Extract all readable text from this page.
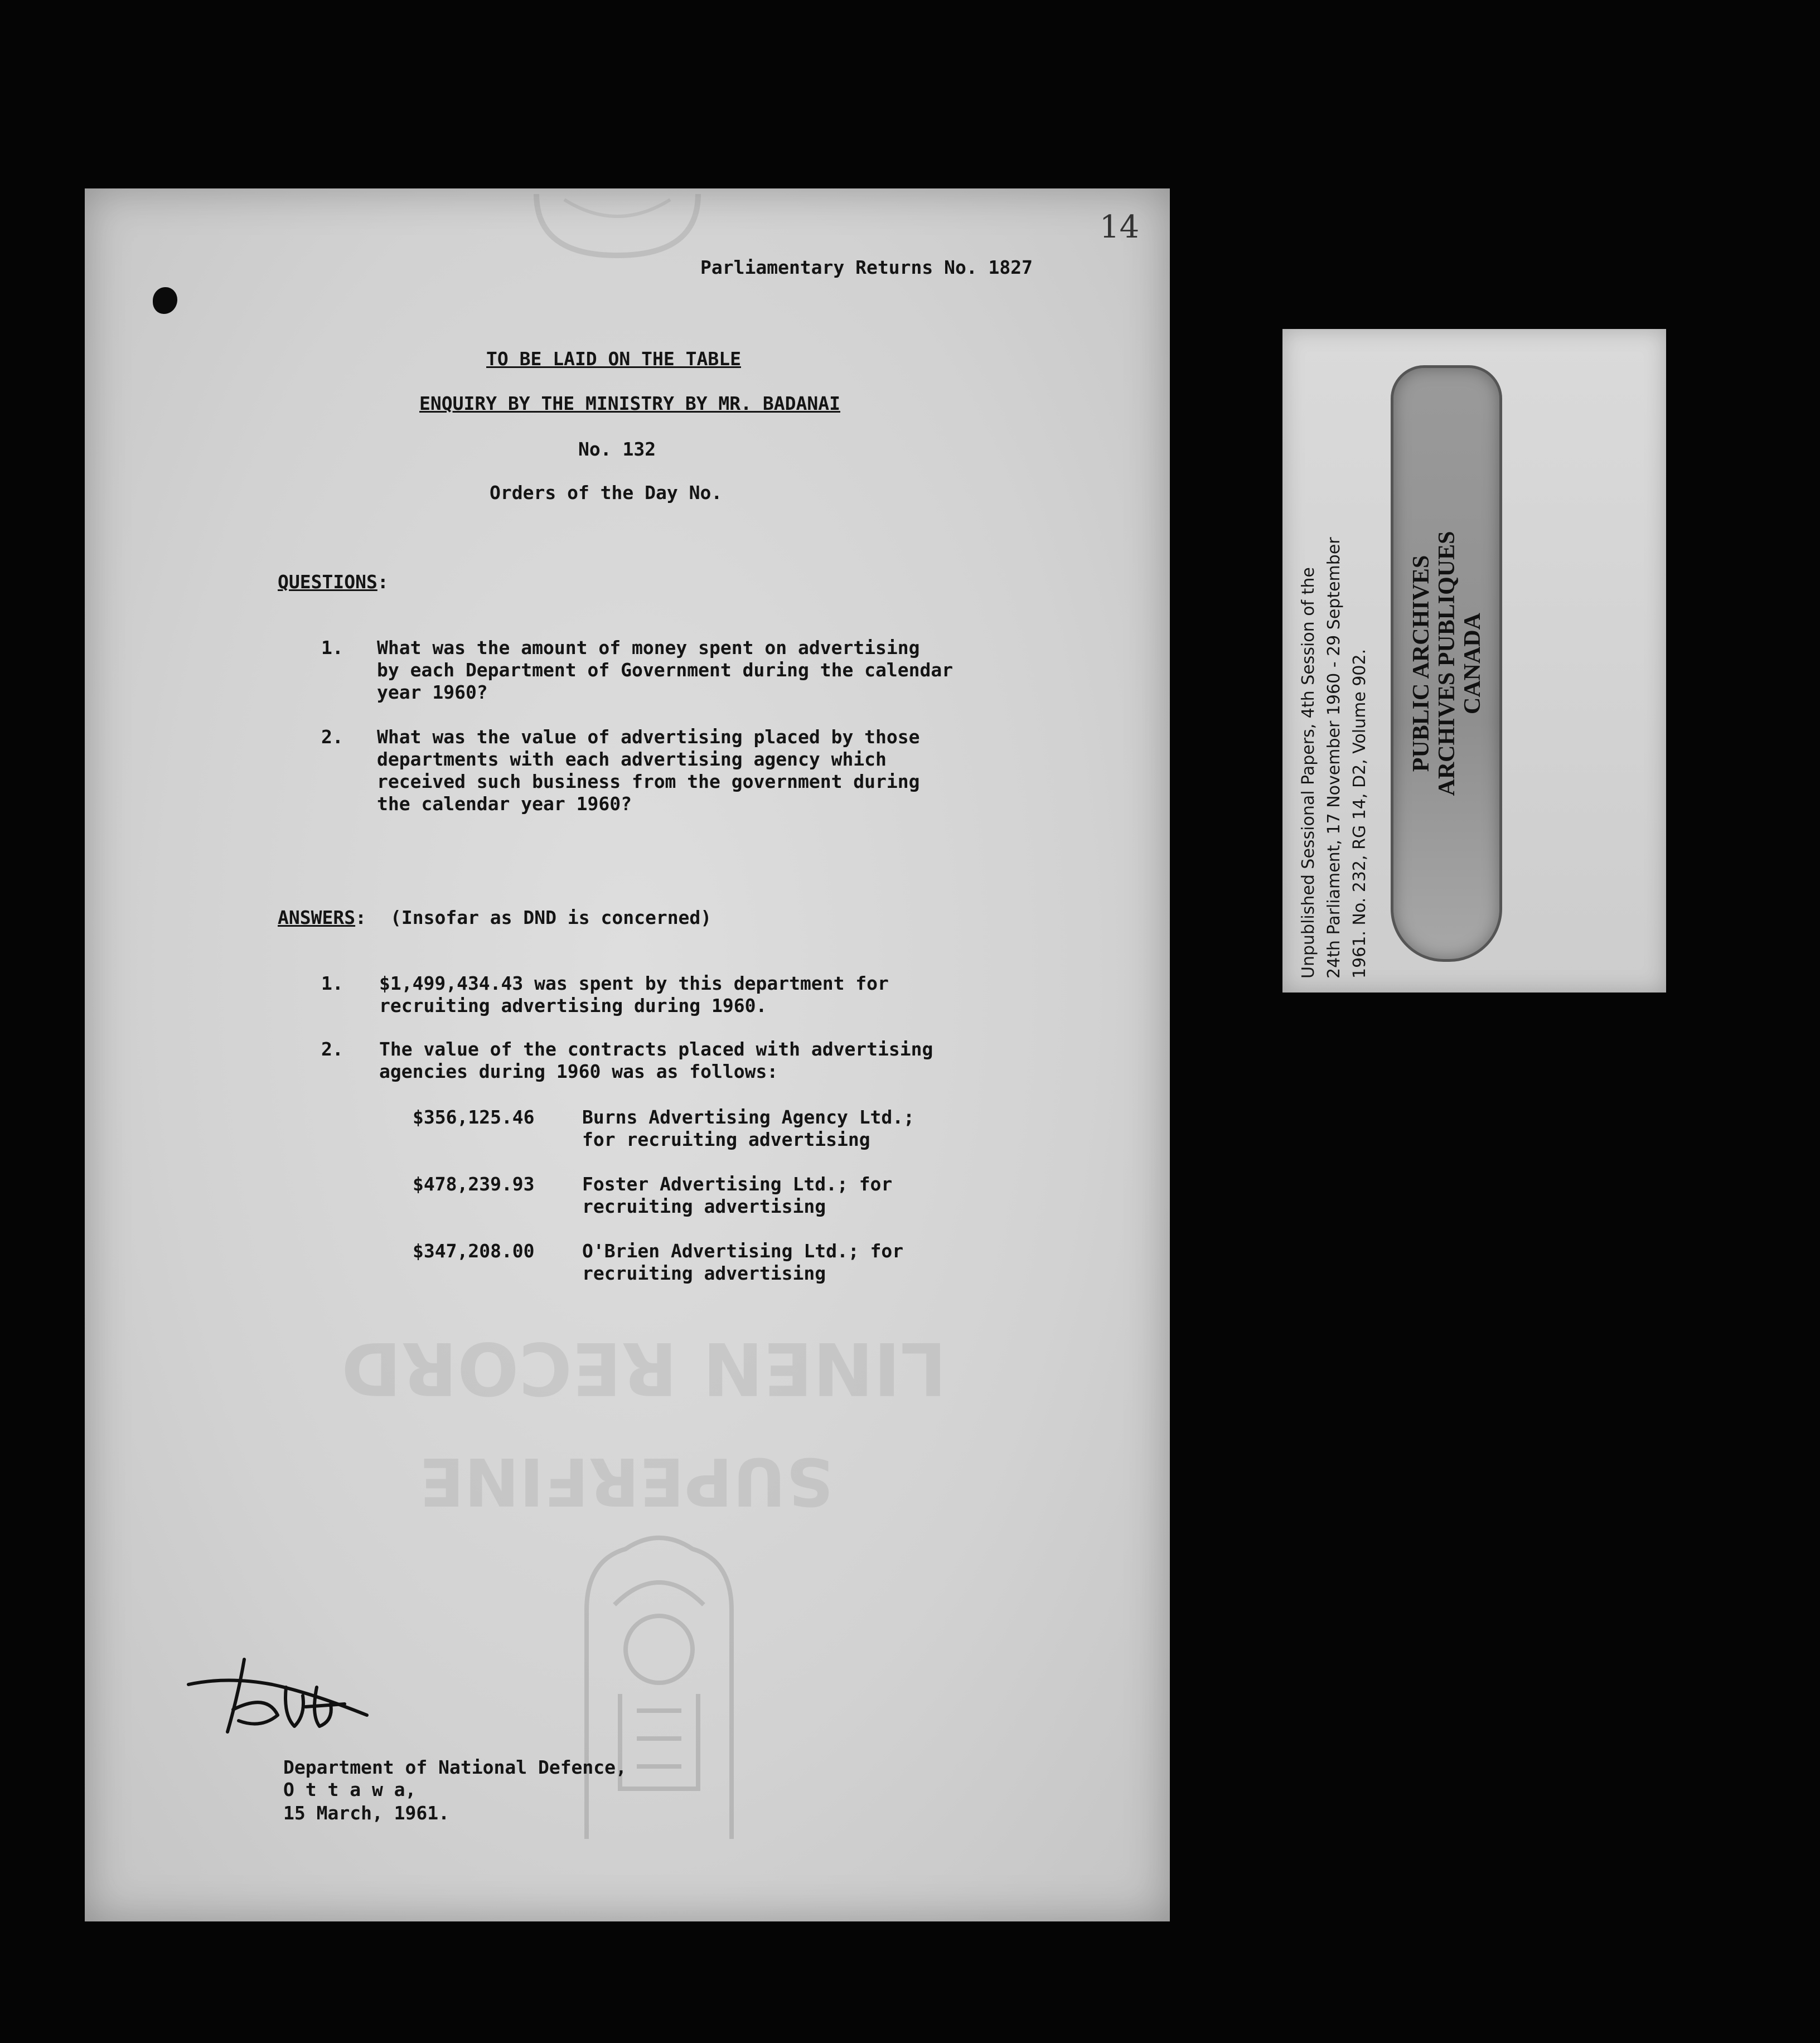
14
Parliamentary Returns No. 1827
TO BE LAID ON THE TABLE
ENQUIRY BY THE MINISTRY BY MR. BADANAI
No. 132
Orders of the Day No.
QUESTIONS:
1. What was the amount of money spent on advertising
by each Department of Government during the calendar
year 1960?
2. What was the value of advertising placed by those
departments with each advertising agency which
received such business from the government during
the calendar year 1960?
ANSWERS: (Insofar as DND is concerned)
1. $1,499,434.43 was spent by this department for
recruiting advertising during 1960.
2. The value of the contracts placed with advertising
agencies during 1960 was as follows:
$356,125.46	Burns Advertising Agency Ltd.;
for recruiting advertising
$478,239.93	Foster Advertising Ltd.; for
recruiting advertising
$347,208.00	O'Brien Advertising Ltd.; for
recruiting advertising
LINEN RECORD
SUPERFINE
Department of National Defence,
O t t a w a,
15 March, 1961.
Unpublished Sessional Papers, 4th Session of the 24th Parliament, 17 November 1960 - 29 September 1961. No. 232, RG 14, D2, Volume 902. PUBLIC ARCHIVES ARCHIVES PUBLIQUES CANADA
